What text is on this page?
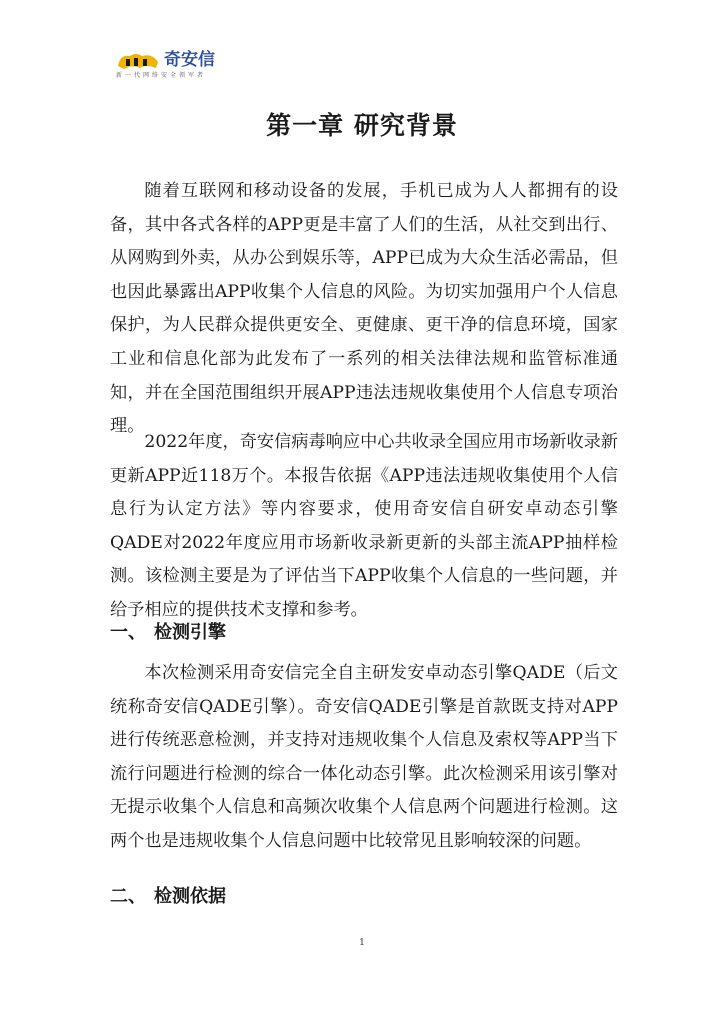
奇安信
新一代网络安全领军者
第一章 研究背景

随着互联网和移动设备的发展，手机已成为人人都拥有的设备，其中各式各样的APP更是丰富了人们的生活，从社交到出行、从网购到外卖，从办公到娱乐等，APP已成为大众生活必需品，但也因此暴露出APP收集个人信息的风险。为切实加强用户个人信息保护，为人民群众提供更安全、更健康、更干净的信息环境，国家工业和信息化部为此发布了一系列的相关法律法规和监管标准通知，并在全国范围组织开展APP违法违规收集使用个人信息专项治理。

2022年度，奇安信病毒响应中心共收录全国应用市场新收录新更新APP近118万个。本报告依据《APP违法违规收集使用个人信息行为认定方法》等内容要求，使用奇安信自研安卓动态引擎QADE对2022年度应用市场新收录新更新的头部主流APP抽样检测。该检测主要是为了评估当下APP收集个人信息的一些问题，并给予相应的提供技术支撑和参考。

一、 检测引擎

本次检测采用奇安信完全自主研发安卓动态引擎QADE（后文统称奇安信QADE引擎）。奇安信QADE引擎是首款既支持对APP进行传统恶意检测，并支持对违规收集个人信息及索权等APP当下流行问题进行检测的综合一体化动态引擎。此次检测采用该引擎对无提示收集个人信息和高频次收集个人信息两个问题进行检测。这两个也是违规收集个人信息问题中比较常见且影响较深的问题。

二、 检测依据
1
